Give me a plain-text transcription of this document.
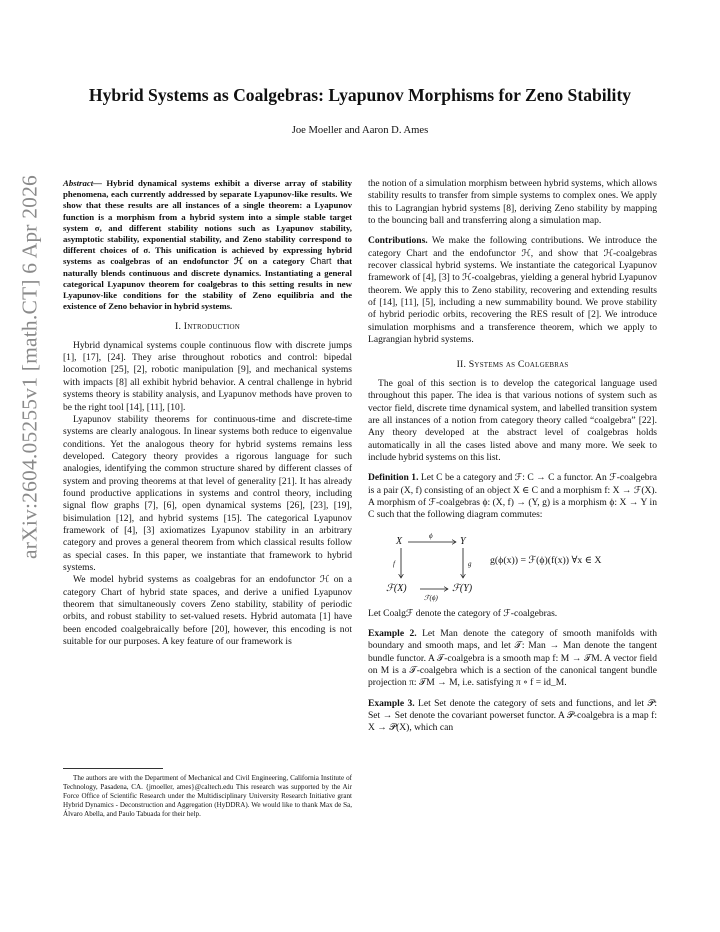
arXiv:2604.05255v1 [math.CT] 6 Apr 2026
Hybrid Systems as Coalgebras: Lyapunov Morphisms for Zeno Stability
Joe Moeller and Aaron D. Ames

Abstract— Hybrid dynamical systems exhibit a diverse array of stability phenomena, each currently addressed by separate Lyapunov-like results. We show that these results are all instances of a single theorem: a Lyapunov function is a morphism from a hybrid system into a simple stable target system σ, and different stability notions such as Lyapunov stability, asymptotic stability, exponential stability, and Zeno stability correspond to different choices of σ. This unification is achieved by expressing hybrid systems as coalgebras of an endofunctor ℋ on a category Chart that naturally blends continuous and discrete dynamics. Instantiating a general categorical Lyapunov theorem for coalgebras to this setting results in new Lyapunov-like conditions for the stability of Zeno equilibria and the existence of Zeno behavior in hybrid systems.

I. Introduction

Hybrid dynamical systems couple continuous flow with discrete jumps [1], [17], [24]. They arise throughout robotics and control: bipedal locomotion [25], [2], robotic manipulation [9], and mechanical systems with impacts [8] all exhibit hybrid behavior. A central challenge in hybrid systems theory is stability analysis, and Lyapunov methods have proven to be the right tool [14], [11], [10].

Lyapunov stability theorems for continuous-time and discrete-time systems are clearly analogous. In linear systems both reduce to eigenvalue conditions. Yet the analogous theory for hybrid systems remains less developed. Category theory provides a rigorous language for such analogies, identifying the common structure shared by different classes of system and proving theorems at that level of generality [21]. It has already found productive applications in systems and control theory, including signal flow graphs [7], [6], open dynamical systems [26], [23], [19], bisimulation [12], and hybrid systems [15]. The categorical Lyapunov framework of [4], [3] axiomatizes Lyapunov stability in an arbitrary category and proves a general theorem from which classical results follow as special cases. In this paper, we instantiate that framework to hybrid systems.

We model hybrid systems as coalgebras for an endofunctor ℋ on a category Chart of hybrid state spaces, and derive a unified Lyapunov theorem that simultaneously covers Zeno stability, stability of periodic orbits, and robust stability to set-valued resets. Hybrid automata [1] have been encoded coalgebraically before [20], however, this encoding is not suitable for our purposes. A key feature of our framework is

The authors are with the Department of Mechanical and Civil Engineering, California Institute of Technology, Pasadena, CA. {jmoeller, ames}@caltech.edu This research was supported by the Air Force Office of Scientific Research under the Multidisciplinary University Research Initiative grant Hybrid Dynamics - Deconstruction and Aggregation (HyDDRA). We would like to thank Max de Sa, Álvaro Abella, and Paulo Tabuada for their help.

the notion of a simulation morphism between hybrid systems, which allows stability results to transfer from simple systems to complex ones. We apply this to Lagrangian hybrid systems [8], deriving Zeno stability by mapping to the bouncing ball and transferring along a simulation map.

Contributions. We make the following contributions. We introduce the category Chart and the endofunctor ℋ, and show that ℋ-coalgebras recover classical hybrid systems. We instantiate the categorical Lyapunov framework of [4], [3] to ℋ-coalgebras, yielding a general hybrid Lyapunov theorem. We apply this to Zeno stability, recovering and extending results of [14], [11], [5], including a new summability bound. We prove stability of hybrid periodic orbits, recovering the RES result of [2]. We introduce simulation morphisms and a transference theorem, which we apply to Lagrangian hybrid systems.

II. Systems as Coalgebras

The goal of this section is to develop the categorical language used throughout this paper. The idea is that various notions of system such as vector field, discrete time dynamical system, and labelled transition system are all instances of a notion from category theory called “coalgebra” [22]. Any theory developed at the abstract level of coalgebras holds automatically in all the cases listed above and many more. We seek to include hybrid systems on this list.

Definition 1. Let C be a category and ℱ: C → C a functor. An ℱ-coalgebra is a pair (X, f) consisting of an object X ∈ C and a morphism f: X → ℱ(X). A morphism of ℱ-coalgebras ϕ: (X, f) → (Y, g) is a morphism ϕ: X → Y in C such that the following diagram commutes:

X	Y
ℱ(X)	ℱ(Y)
ϕ
f	g
ℱ(ϕ)
g(ϕ(x)) = ℱ(ϕ)(f(x)) ∀x ∈ X

Let Coalgℱ denote the category of ℱ-coalgebras.

Example 2. Let Man denote the category of smooth manifolds with boundary and smooth maps, and let 𝒯: Man → Man denote the tangent bundle functor. A 𝒯-coalgebra is a smooth map f: M → 𝒯M. A vector field on M is a 𝒯-coalgebra which is a section of the canonical tangent bundle projection π: 𝒯M → M, i.e. satisfying π ∘ f = id_M.

Example 3. Let Set denote the category of sets and functions, and let 𝒫: Set → Set denote the covariant powerset functor. A 𝒫-coalgebra is a map f: X → 𝒫(X), which can
